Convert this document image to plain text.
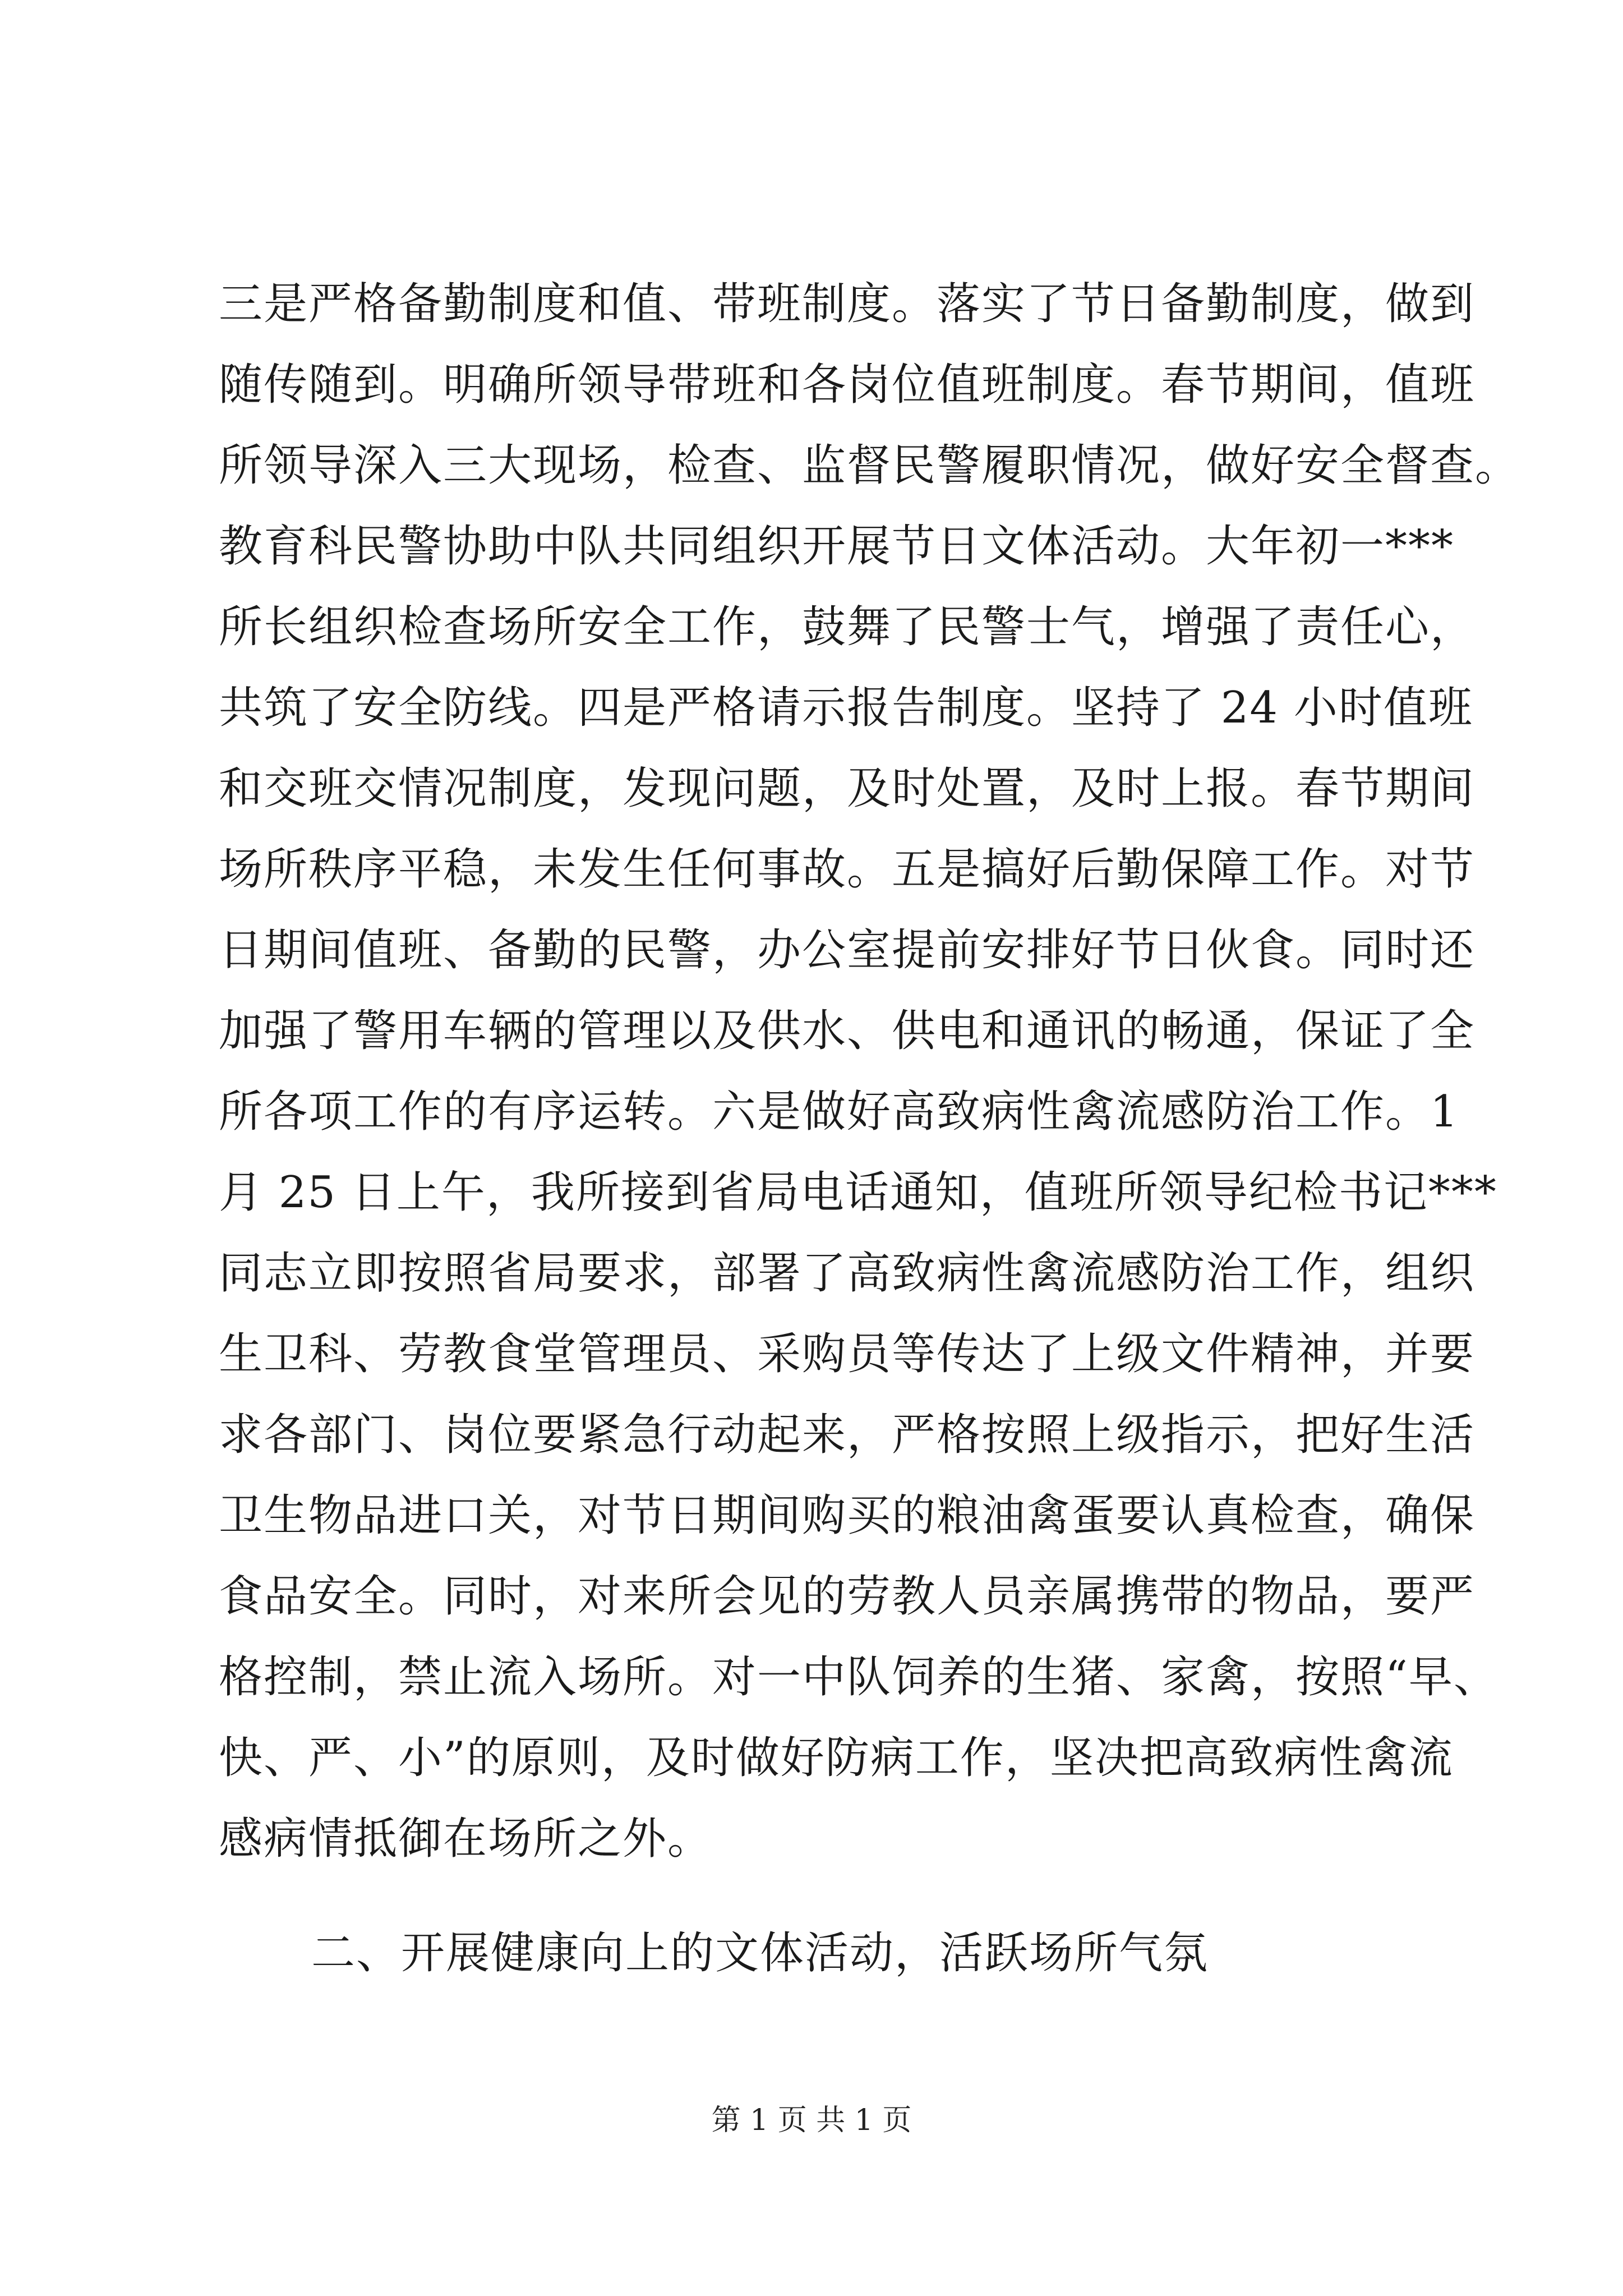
三是严格备勤制度和值、带班制度。落实了节日备勤制度，做到
随传随到。明确所领导带班和各岗位值班制度。春节期间，值班
所领导深入三大现场，检查、监督民警履职情况，做好安全督查。
教育科民警协助中队共同组织开展节日文体活动。大年初一***
所长组织检查场所安全工作，鼓舞了民警士气，增强了责任心，
共筑了安全防线。四是严格请示报告制度。坚持了 24 小时值班
和交班交情况制度，发现问题，及时处置，及时上报。春节期间
场所秩序平稳，未发生任何事故。五是搞好后勤保障工作。对节
日期间值班、备勤的民警，办公室提前安排好节日伙食。同时还
加强了警用车辆的管理以及供水、供电和通讯的畅通，保证了全
所各项工作的有序运转。六是做好高致病性禽流感防治工作。1
月 25 日上午，我所接到省局电话通知，值班所领导纪检书记***
同志立即按照省局要求，部署了高致病性禽流感防治工作，组织
生卫科、劳教食堂管理员、采购员等传达了上级文件精神，并要
求各部门、岗位要紧急行动起来，严格按照上级指示，把好生活
卫生物品进口关，对节日期间购买的粮油禽蛋要认真检查，确保
食品安全。同时，对来所会见的劳教人员亲属携带的物品，要严
格控制，禁止流入场所。对一中队饲养的生猪、家禽，按照“早、
快、严、小”的原则，及时做好防病工作，坚决把高致病性禽流
感病情抵御在场所之外。
二、开展健康向上的文体活动，活跃场所气氛
第 1 页 共 1 页
